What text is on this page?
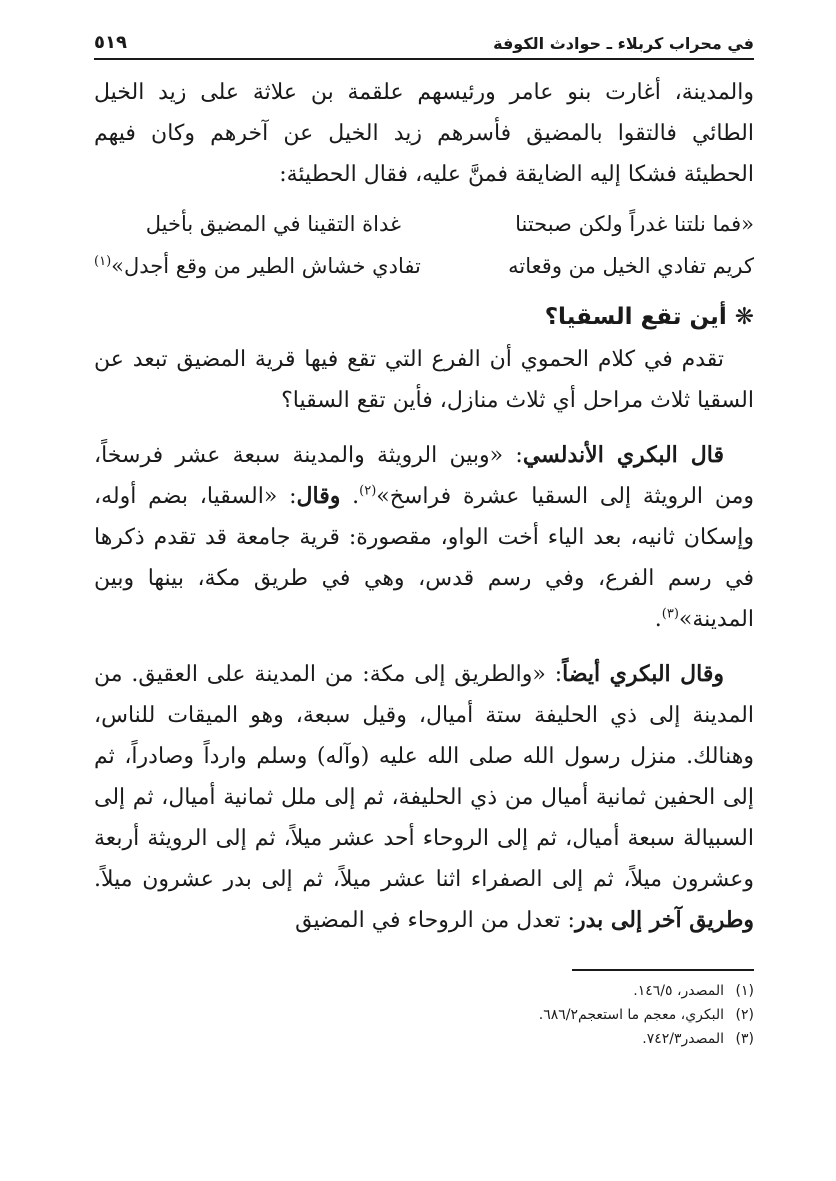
في محراب كربلاء ـ حوادث الكوفة
٥١٩

والمدينة، أغارت بنو عامر ورئيسهم علقمة بن علاثة على زيد الخيل الطائي فالتقوا بالمضيق فأسرهم زيد الخيل عن آخرهم وكان فيهم الحطيئة فشكا إليه الضايقة فمنَّ عليه، فقال الحطيئة:

«فما نلتنا غدراً ولكن صبحتنا
غداة التقينا في المضيق بأخيل
كريم تفادي الخيل من وقعاته
تفادي خشاش الطير من وقع أجدل»$^{(١)}$
❋ أين تقع السقيا؟

تقدم في كلام الحموي أن الفرع التي تقع فيها قرية المضيق تبعد عن السقيا ثلاث مراحل أي ثلاث منازل، فأين تقع السقيا؟

قال البكري الأندلسي: «وبين الرويثة والمدينة سبعة عشر فرسخاً، ومن الرويثة إلى السقيا عشرة فراسخ»$^{(٢)}$. وقال: «السقيا، بضم أوله، وإسكان ثانيه، بعد الياء أخت الواو، مقصورة: قرية جامعة قد تقدم ذكرها في رسم الفرع، وفي رسم قدس، وهي في طريق مكة، بينها وبين المدينة»$^{(٣)}$.

وقال البكري أيضاً: «والطريق إلى مكة: من المدينة على العقيق. من المدينة إلى ذي الحليفة ستة أميال، وقيل سبعة، وهو الميقات للناس، وهنالك. منزل رسول الله صلى الله عليه (وآله) وسلم وارداً وصادراً، ثم إلى الحفين ثمانية أميال من ذي الحليفة، ثم إلى ملل ثمانية أميال، ثم إلى السبيالة سبعة أميال، ثم إلى الروحاء أحد عشر ميلاً، ثم إلى الرويثة أربعة وعشرون ميلاً، ثم إلى الصفراء اثنا عشر ميلاً، ثم إلى بدر عشرون ميلاً. وطريق آخر إلى بدر: تعدل من الروحاء في المضيق

(١)
المصدر، ١٤٦/٥.
(٢)
البكري، معجم ما استعجم٦٨٦/٢.
(٣)
المصدر٧٤٢/٣.
